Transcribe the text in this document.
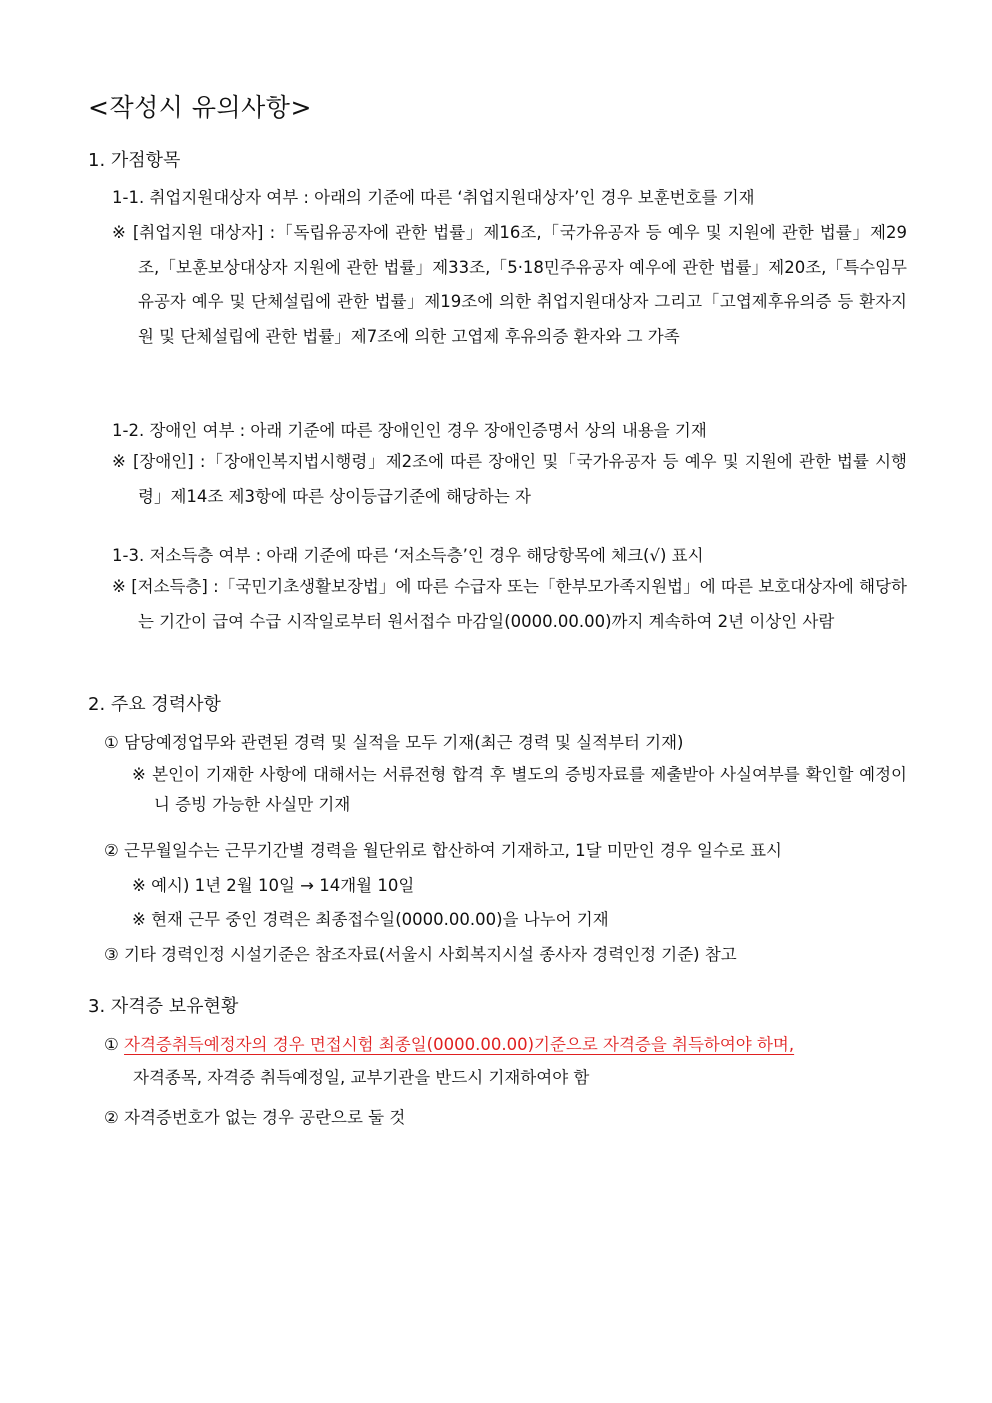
<작성시 유의사항>
1. 가점항목

1-1. 취업지원대상자 여부 : 아래의 기준에 따른 ‘취업지원대상자’인 경우 보훈번호를 기재

※ [취업지원 대상자] :「독립유공자에 관한 법률」제16조,「국가유공자 등 예우 및 지원에 관한 법률」제29조,「보훈보상대상자 지원에 관한 법률」제33조,「5·18민주유공자 예우에 관한 법률」제20조,「특수임무유공자 예우 및 단체설립에 관한 법률」제19조에 의한 취업지원대상자 그리고「고엽제후유의증 등 환자지원 및 단체설립에 관한 법률」제7조에 의한 고엽제 후유의증 환자와 그 가족

1-2. 장애인 여부 : 아래 기준에 따른 장애인인 경우 장애인증명서 상의 내용을 기재

※ [장애인] :「장애인복지법시행령」제2조에 따른 장애인 및「국가유공자 등 예우 및 지원에 관한 법률 시행령」제14조 제3항에 따른 상이등급기준에 해당하는 자

1-3. 저소득층 여부 : 아래 기준에 따른 ‘저소득층’인 경우 해당항목에 체크(√) 표시

※ [저소득층] :「국민기초생활보장법」에 따른 수급자 또는「한부모가족지원법」에 따른 보호대상자에 해당하는 기간이 급여 수급 시작일로부터 원서접수 마감일(0000.00.00)까지 계속하여 2년 이상인 사람

2. 주요 경력사항

① 담당예정업무와 관련된 경력 및 실적을 모두 기재(최근 경력 및 실적부터 기재)

※ 본인이 기재한 사항에 대해서는 서류전형 합격 후 별도의 증빙자료를 제출받아 사실여부를 확인할 예정이니 증빙 가능한 사실만 기재

② 근무월일수는 근무기간별 경력을 월단위로 합산하여 기재하고, 1달 미만인 경우 일수로 표시

※ 예시) 1년 2월 10일 → 14개월 10일

※ 현재 근무 중인 경력은 최종접수일(0000.00.00)을 나누어 기재

③ 기타 경력인정 시설기준은 참조자료(서울시 사회복지시설 종사자 경력인정 기준) 참고

3. 자격증 보유현황

① 자격증취득예정자의 경우 면접시험 최종일(0000.00.00)기준으로 자격증을 취득하여야 하며,

자격종목, 자격증 취득예정일, 교부기관을 반드시 기재하여야 함

② 자격증번호가 없는 경우 공란으로 둘 것
